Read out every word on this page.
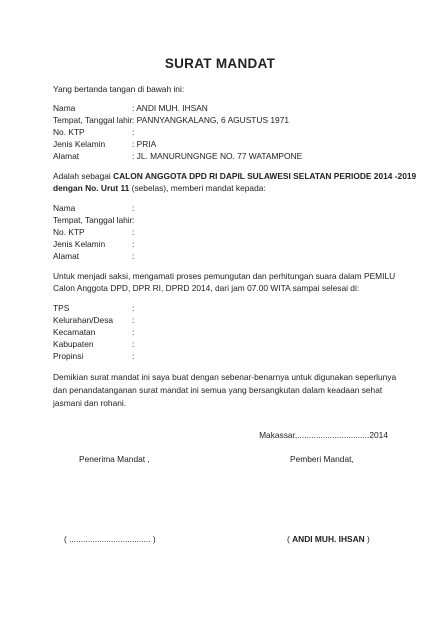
SURAT MANDAT
Yang bertanda tangan di bawah ini:
Nama	: ANDI MUH. IHSAN
Tempat, Tanggal lahir: PANNYANGKALANG, 6 AGUSTUS 1971
No. KTP	:
Jenis Kelamin	: PRIA
Alamat	: JL. MANURUNGNGE NO. 77 WATAMPONE
Adalah sebagai CALON ANGGOTA DPD RI DAPIL SULAWESI SELATAN PERIODE 2014 -2019
dengan No. Urut 11 (sebelas), memberi mandat kepada:
Nama	:
Tempat, Tanggal lahir:
No. KTP	:
Jenis Kelamin	:
Alamat	:
Untuk menjadi saksi, mengamati proses pemungutan dan perhitungan suara dalam PEMILU
Calon Anggota DPD, DPR RI, DPRD 2014, dari jam 07.00 WITA sampai selesai di:
TPS	:
Kelurahan/Desa :
Kecamatan	:
Kabupaten	:
Propinsi	:
Demikian surat mandat ini saya buat dengan sebenar-benarnya untuk digunakan seperlunya
dan penandatanganan surat mandat ini semua yang bersangkutan dalam keadaan sehat
jasmani dan rohani.
Makassar,...............................2014
Penerima Mandat ,	Pemberi Mandat,
( ................................... )	( ANDI MUH. IHSAN )
